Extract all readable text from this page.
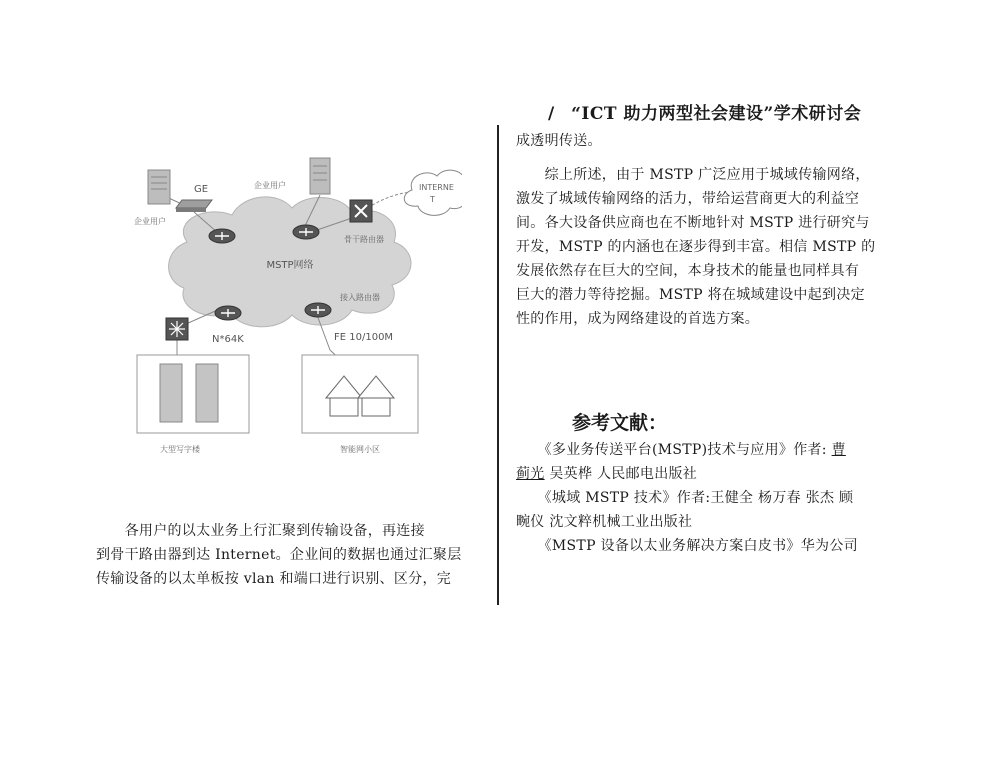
/ “ICT 助力两型社会建设”学术研讨会
MSTP网络
企业用户
GE	企业用户	INTERNE
T
骨干路由器
接入路由器
N*64K	FE 10/100M
大型写字楼	智能网小区
　　各用户的以太业务上行汇聚到传输设备，再连接
到骨干路由器到达 Internet。企业间的数据也通过汇聚层
传输设备的以太单板按 vlan 和端口进行识别、区分，完
成透明传送。
　　综上所述，由于 MSTP 广泛应用于城域传输网络，
激发了城域传输网络的活力，带给运营商更大的利益空
间。各大设备供应商也在不断地针对 MSTP 进行研究与
开发，MSTP 的内涵也在逐步得到丰富。相信 MSTP 的
发展依然存在巨大的空间，本身技术的能量也同样具有
巨大的潜力等待挖掘。MSTP 将在城域建设中起到决定
性的作用，成为网络建设的首选方案。
参考文献：
　　《多业务传送平台(MSTP)技术与应用》作者: 曹
蓟光 吴英桦 人民邮电出版社
　　《城域 MSTP 技术》作者:王健全 杨万春 张杰 顾
畹仪 沈文粹机械工业出版社
　　《MSTP 设备以太业务解决方案白皮书》华为公司
